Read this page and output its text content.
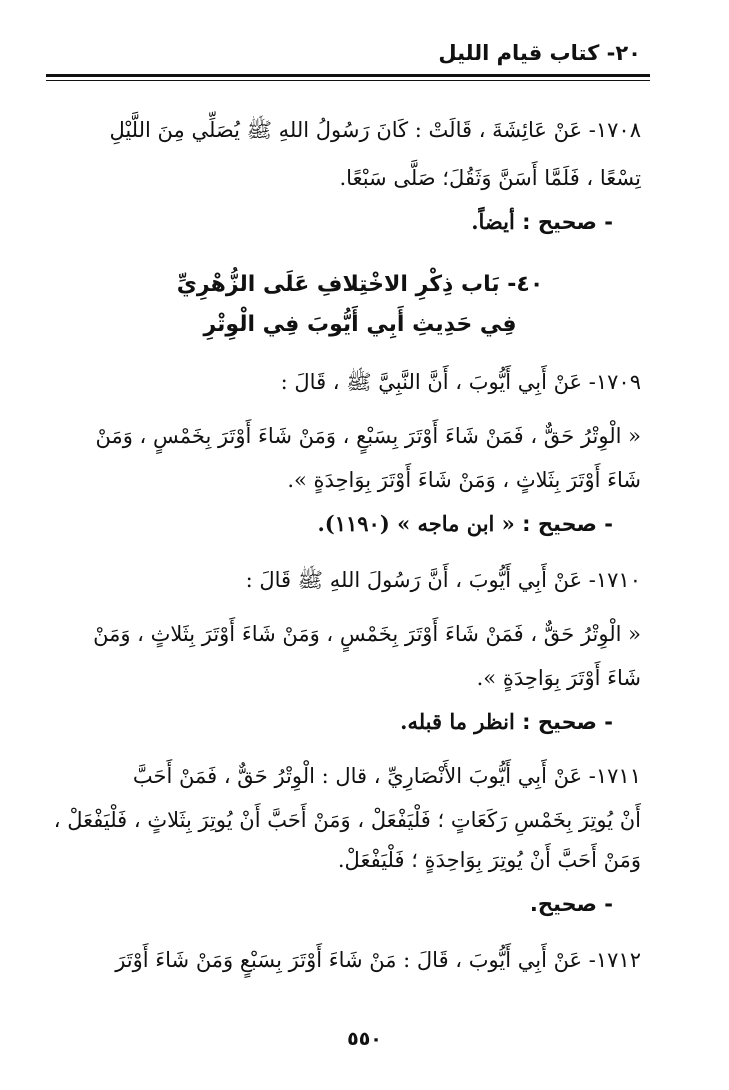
٢٠- كتاب قيام الليل
١٧٠٨- عَنْ عَائِشَةَ ، قَالَتْ : كَانَ رَسُولُ اللهِ ﷺ يُصَلِّي مِنَ اللَّيْلِ
تِسْعًا ، فَلَمَّا أَسَنَّ وَثَقُلَ؛ صَلَّى سَبْعًا.
- صحيح : أيضاً.
٤٠- بَاب ذِكْرِ الاخْتِلافِ عَلَى الزُّهْرِيِّ
فِي حَدِيثِ أَبِي أَيُّوبَ فِي الْوِتْرِ
١٧٠٩- عَنْ أَبِي أَيُّوبَ ، أَنَّ النَّبِيَّ ﷺ ، قَالَ :
« الْوِتْرُ حَقٌّ ، فَمَنْ شَاءَ أَوْتَرَ بِسَبْعٍ ، وَمَنْ شَاءَ أَوْتَرَ بِخَمْسٍ ، وَمَنْ
شَاءَ أَوْتَرَ بِثَلاثٍ ، وَمَنْ شَاءَ أَوْتَرَ بِوَاحِدَةٍ ».
- صحيح : « ابن ماجه » (١١٩٠).
١٧١٠- عَنْ أَبِي أَيُّوبَ ، أَنَّ رَسُولَ اللهِ ﷺ قَالَ :
« الْوِتْرُ حَقٌّ ، فَمَنْ شَاءَ أَوْتَرَ بِخَمْسٍ ، وَمَنْ شَاءَ أَوْتَرَ بِثَلاثٍ ، وَمَنْ
شَاءَ أَوْتَرَ بِوَاحِدَةٍ ».
- صحيح : انظر ما قبله.
١٧١١- عَنْ أَبِي أَيُّوبَ الأَنْصَارِيِّ ، قال : الْوِتْرُ حَقٌّ ، فَمَنْ أَحَبَّ
أَنْ يُوتِرَ بِخَمْسِ رَكَعَاتٍ ؛ فَلْيَفْعَلْ ، وَمَنْ أَحَبَّ أَنْ يُوتِرَ بِثَلاثٍ ، فَلْيَفْعَلْ ،
وَمَنْ أَحَبَّ أَنْ يُوتِرَ بِوَاحِدَةٍ ؛ فَلْيَفْعَلْ.
- صحيح.
١٧١٢- عَنْ أَبِي أَيُّوبَ ، قَالَ : مَنْ شَاءَ أَوْتَرَ بِسَبْعٍ وَمَنْ شَاءَ أَوْتَرَ
٥٥٠
